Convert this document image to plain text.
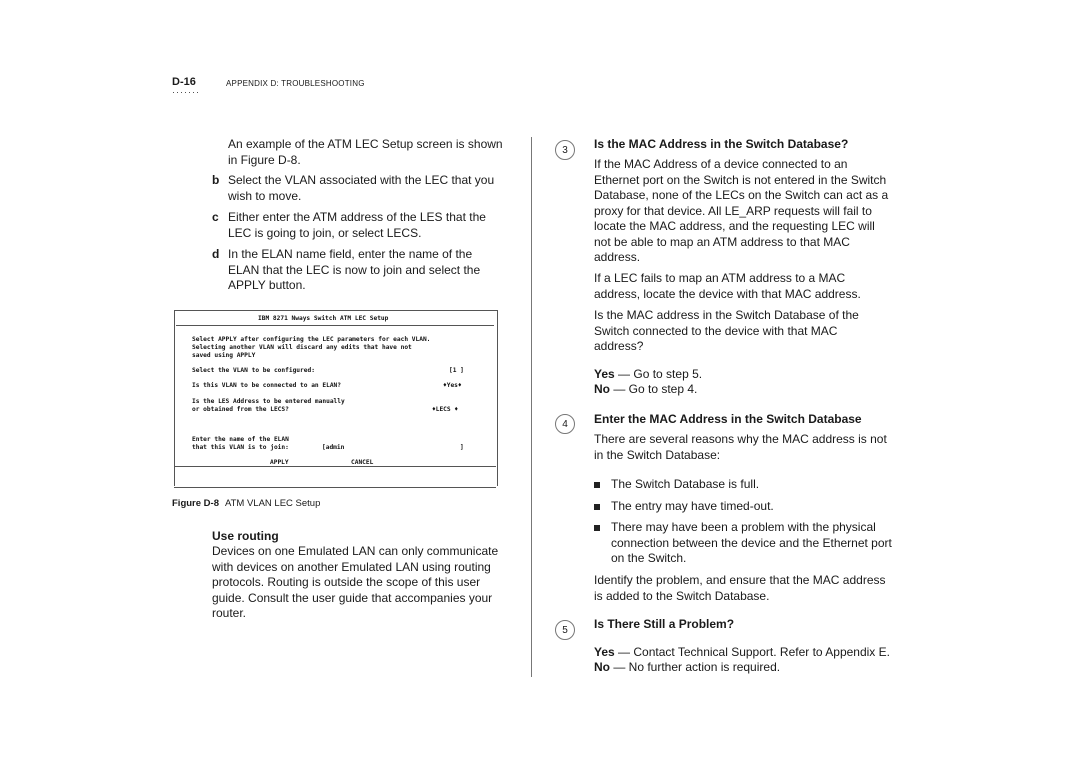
D-16
·······
APPENDIX D: TROUBLESHOOTING
An example of the ATM LEC Setup screen is shown in Figure D-8.
b Select the VLAN associated with the LEC that you wish to move.
c Either enter the ATM address of the LES that the LEC is going to join, or select LECS.
d In the ELAN name field, enter the name of the ELAN that the LEC is now to join and select the APPLY button.
IBM 8271 Nways Switch ATM LEC Setup
Select APPLY after configuring the LEC parameters for each VLAN.
Selecting another VLAN will discard any edits that have not
saved using APPLY
Select the VLAN to be configured:	[1 ]
Is this VLAN to be connected to an ELAN?	♦Yes♦
Is the LES Address to be entered manually
or obtained from the LECS?	♦LECS ♦
Enter the name of the ELAN
that this VLAN is to join:	[admin	]
APPLY	CANCEL
Figure D-8 ATM VLAN LEC Setup
Use routing
Devices on one Emulated LAN can only communicate with devices on another Emulated LAN using routing protocols. Routing is outside the scope of this user guide. Consult the user guide that accompanies your router.
3	Is the MAC Address in the Switch Database?
If the MAC Address of a device connected to an Ethernet port on the Switch is not entered in the Switch Database, none of the LECs on the Switch can act as a proxy for that device. All LE_ARP requests will fail to locate the MAC address, and the requesting LEC will not be able to map an ATM address to that MAC address.
If a LEC fails to map an ATM address to a MAC address, locate the device with that MAC address.
Is the MAC address in the Switch Database of the Switch connected to the device with that MAC address?
Yes — Go to step 5.
No — Go to step 4.
4	Enter the MAC Address in the Switch Database
There are several reasons why the MAC address is not in the Switch Database:
The Switch Database is full.
The entry may have timed-out.
There may have been a problem with the physical connection between the device and the Ethernet port on the Switch.
Identify the problem, and ensure that the MAC address is added to the Switch Database.
5	Is There Still a Problem?
Yes — Contact Technical Support. Refer to Appendix E.
No — No further action is required.
